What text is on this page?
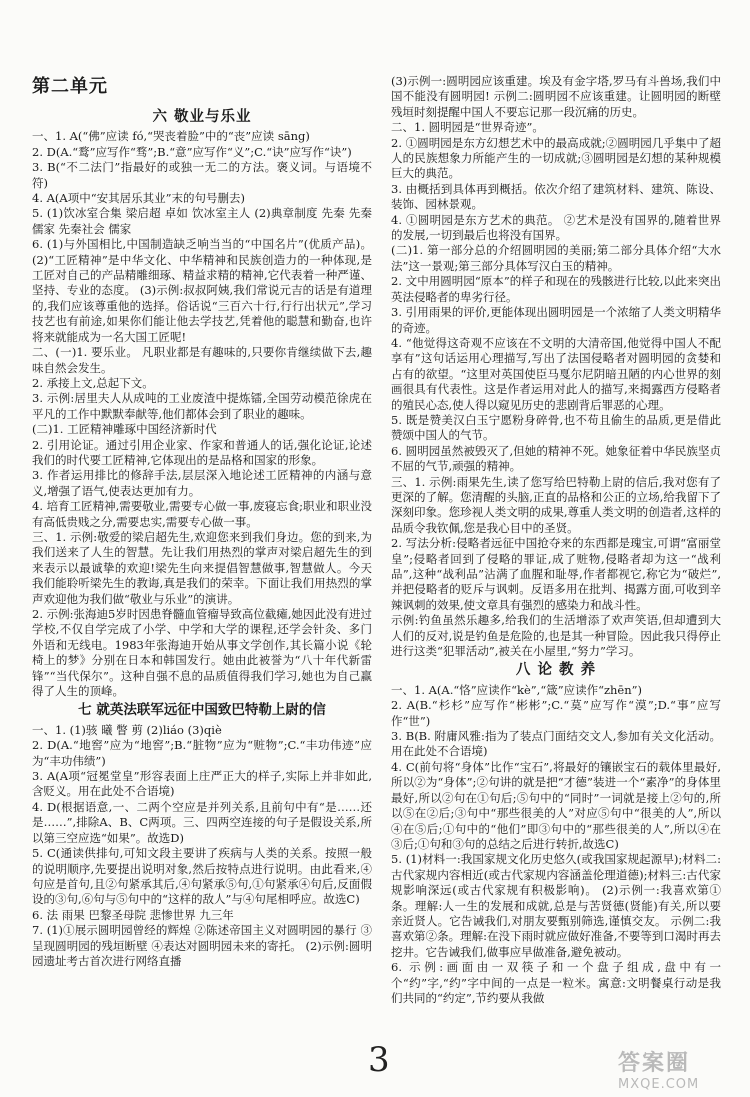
第二单元
六 敬业与乐业

一、1. A(“佛”应读 fó,“哭丧着脸”中的“丧”应读 sāng)

2. D(A.“鹜”应写作“骛”;B.“意”应写作“义”;C.“诀”应写作“诀”)

3. B(“不二法门”指最好的或独一无二的方法。褒义词。与语境不符)

4. A(A项中“安其居乐其业”末的句号删去)

5. (1)饮冰室合集 梁启超 卓如 饮冰室主人 (2)典章制度 先秦 先秦儒家 先秦社会 儒家

6. (1)与外国相比,中国制造缺乏响当当的“中国名片”(优质产品)。 (2)“工匠精神”是中华文化、中华精神和民族创造力的一种体现,是工匠对自己的产品精雕细琢、精益求精的精神,它代表着一种严谨、坚持、专业的态度。 (3)示例:叔叔阿姨,我们常说元吉的话是有道理的,我们应该尊重他的选择。俗话说“三百六十行,行行出状元”,学习技艺也有前途,如果你们能让他去学技艺,凭着他的聪慧和勤奋,也许将来就能成为一名大国工匠呢!

二、(一)1. 要乐业。 凡职业都是有趣味的,只要你肯继续做下去,趣味自然会发生。

2. 承接上文,总起下文。

3. 示例:居里夫人从成吨的工业废渣中提炼镭,全国劳动模范徐虎在平凡的工作中默默奉献等,他们都体会到了职业的趣味。

(二)1. 工匠精神雕琢中国经济新时代

2. 引用论证。通过引用企业家、作家和普通人的话,强化论证,论述我们的时代要工匠精神,它体现出的是品格和国家的形象。

3. 作者运用排比的修辞手法,层层深入地论述工匠精神的内涵与意义,增强了语气,使表达更加有力。

4. 培育工匠精神,需要敬业,需要专心做一事,废寝忘食;职业和职业没有高低贵贱之分,需要忠实,需要专心做一事。

三、1. 示例:敬爱的梁启超先生,欢迎您来到我们身边。您的到来,为我们送来了人生的智慧。先让我们用热烈的掌声对梁启超先生的到来表示以最诚挚的欢迎!梁先生向来提倡智慧做事,智慧做人。今天我们能聆听梁先生的教诲,真是我们的荣幸。下面让我们用热烈的掌声欢迎他为我们做“敬业与乐业”的演讲。

2. 示例:张海迪5岁时因患脊髓血管瘤导致高位截瘫,她因此没有进过学校,不仅自学完成了小学、中学和大学的课程,还学会针灸、多门外语和无线电。1983年张海迪开始从事文学创作,其长篇小说《轮椅上的梦》分别在日本和韩国发行。她由此被誉为“八十年代新雷锋”“当代保尔”。这种自强不息的品质值得我们学习,她也为自己赢得了人生的顶峰。

七 就英法联军远征中国致巴特勒上尉的信

一、1. (1)骇 曦 瞥 剪 (2)liáo (3)qiè

2. D(A.“地窖”应为“地窖”;B.“脏物”应为“赃物”;C.“丰功伟迹”应为“丰功伟绩”)

3. A(A项“冠冕堂皇”形容表面上庄严正大的样子,实际上并非如此,含贬义。用在此处不合语境)

4. D(根据语意,一、二两个空应是并列关系,且前句中有“是……还是……”,排除A、B、C两项。三、四两空连接的句子是假设关系,所以第三空应选“如果”。故选D)

5. C(通读供排句,可知文段主要讲了疾病与人类的关系。按照一般的说明顺序,先要提出说明对象,然后按特点进行说明。由此看来,④句应是首句,且②句紧承其后,④句紧承⑤句,①句紧承④句后,反面假设的③句,⑥句与⑤句中的“这样的敌人”与④句尾相呼应。故选C)

6. 法 雨果 巴黎圣母院 悲惨世界 九三年

7. (1)①展示圆明园曾经的辉煌 ②陈述帝国主义对圆明园的暴行 ③呈现圆明园的残垣断壁 ④表达对圆明园未来的寄托。 (2)示例:圆明园遗址考古首次进行网络直播

(3)示例一:圆明园应该重建。埃及有金字塔,罗马有斗兽场,我们中国不能没有圆明园! 示例二:圆明园不应该重建。让圆明园的断壁残垣时刻提醒中国人不要忘记那一段沉痛的历史。

二、1. 圆明园是“世界奇迹”。

2. ①圆明园是东方幻想艺术中的最高成就;②圆明园几乎集中了超人的民族想象力所能产生的一切成就;③圆明园是幻想的某种规模巨大的典范。

3. 由概括到具体再到概括。依次介绍了建筑材料、建筑、陈设、装饰、园林景观。

4. ①圆明园是东方艺术的典范。 ②艺术是没有国界的,随着世界的发展,一切到最后也将没有国界。

(二)1. 第一部分总的介绍圆明园的美丽;第二部分具体介绍“大水法”这一景观;第三部分具体写汉白玉的精神。

2. 文中用圆明园“原本”的样子和现在的残骸进行比较,以此来突出英法侵略者的卑劣行径。

3. 引用雨果的评价,更能体现出圆明园是一个浓缩了人类文明精华的奇迹。

4. “他觉得这奇观不应该在不文明的大清帝国,他觉得中国人不配享有”这句话运用心理描写,写出了法国侵略者对圆明园的贪婪和占有的欲望。“这里对英国使臣马戛尔尼阴暗丑陋的内心世界的刻画很具有代表性。这是作者运用对此人的描写,来揭露西方侵略者的殖民心态,使人得以窥见历史的悲剧背后罪恶的心理。

5. 既是赞美汉白玉宁愿粉身碎骨,也不苟且偷生的品质,更是借此赞颂中国人的气节。

6. 圆明园虽然被毁灭了,但她的精神不死。她象征着中华民族坚贞不屈的气节,顽强的精神。

三、1. 示例:雨果先生,读了您写给巴特勒上尉的信后,我对您有了更深的了解。您清醒的头脑,正直的品格和公正的立场,给我留下了深刻印象。您珍视人类文明的成果,尊重人类文明的创造者,这样的品质令我钦佩,您是我心目中的圣贤。

2. 写法分析:侵略者远征中国抢夺来的东西都是瑰宝,可谓“富丽堂皇”;侵略者回到了侵略的罪证,成了赃物,侵略者却为这一“战利品”,这种“战利品”沾满了血腥和耻辱,作者都视它,称它为“破烂”,并把侵略者的贬斥与讽刺。反语多用在批判、揭露方面,可收到辛辣讽刺的效果,使文章具有强烈的感染力和战斗性。

示例:钓鱼虽然乐趣多,给我们的生活增添了欢声笑语,但却遭到大人们的反对,说是钓鱼是危险的,也是其一种冒险。因此我只得停止进行这类“犯罪活动”,被关在小屋里,“努力”学习。

八 论 教 养

一、1. A(A.“恪”应读作“kè”,“箴”应读作“zhēn”)

2. A(B.“杉杉”应写作“彬彬”;C.“莫”应写作“漠”;D.“事”应写作“世”)

3. B(B. 附庸风雅:指为了装点门面结交文人,参加有关文化活动。用在此处不合语境)

4. C(前句将“身体”比作“宝石”,将最好的镶嵌宝石的载体里最好,所以②为“身体”;②句讲的就是把“才德”装进一个“素净”的身体里最好,所以②句在①句后;⑤句中的“同时”一词就是接上②句的,所以⑤在②后;③句中“那些很美的人”对应⑤句中“很美的人”,所以④在⑤后;①句中的“他们”即③句中的“那些很美的人”,所以④在③后;①句和③句的总结之后进行转折,故选C)

5. (1)材料一:我国家规文化历史悠久(或我国家规起源早);材料二:古代家规内容相近(或古代家规内容涵盖伦理道德);材料三:古代家规影响深远(或古代家规有积极影响)。 (2)示例一:我喜欢第①条。理解:人一生的发展和成就,总是与苦贤德(贤能)有关,所以要亲近贤人。它告诫我们,对朋友要甄别筛选,谨慎交友。 示例二:我喜欢第②条。理解:在没下雨时就应做好准备,不要等到口渴时再去挖井。它告诫我们,做事应早做准备,避免被动。

6. 示例:画面由一双筷子和一个盘子组成,盘中有一个“约”字,“约”字中间的一点是一粒米。寓意:文明餐桌行动是我们共同的“约定”,节约要从我做

3	答案圈
MXQE.COM
